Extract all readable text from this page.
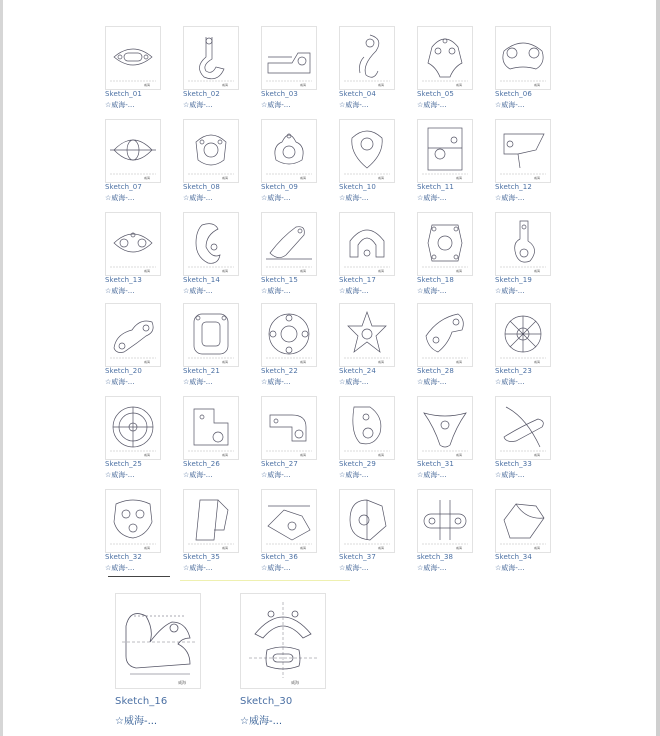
威海
Sketch_01
☆威海-...
威海
Sketch_02
☆威海-...
威海
Sketch_03
☆威海-...
威海
Sketch_04
☆威海-...
威海
Sketch_05
☆威海-...
威海
Sketch_06
☆威海-...
威海
Sketch_07
☆威海-...
威海
Sketch_08
☆威海-...
威海
Sketch_09
☆威海-...
威海
Sketch_10
☆威海-...
威海
Sketch_11
☆威海-...
威海
Sketch_12
☆威海-...
威海
Sketch_13
☆威海-...
威海
Sketch_14
☆威海-...
威海
Sketch_15
☆威海-...
威海
Sketch_17
☆威海-...
威海
Sketch_18
☆威海-...
威海
Sketch_19
☆威海-...
威海
Sketch_20
☆威海-...
威海
Sketch_21
☆威海-...
威海
Sketch_22
☆威海-...
威海
Sketch_24
☆威海-...
威海
Sketch_28
☆威海-...
威海
Sketch_23
☆威海-...
威海
Sketch_25
☆威海-...
威海
Sketch_26
☆威海-...
威海
Sketch_27
☆威海-...
威海
Sketch_29
☆威海-...
威海
Sketch_31
☆威海-...
威海
Sketch_33
☆威海-...
威海
Sketch_32
☆威海-...
威海
Sketch_35
☆威海-...
威海
Sketch_36
☆威海-...
威海
Sketch_37
☆威海-...
威海
sketch_38
☆威海-...
威海
Sketch_34
☆威海-...
威海
Sketch_16
☆威海-...
威海
Sketch_30
☆威海-...
